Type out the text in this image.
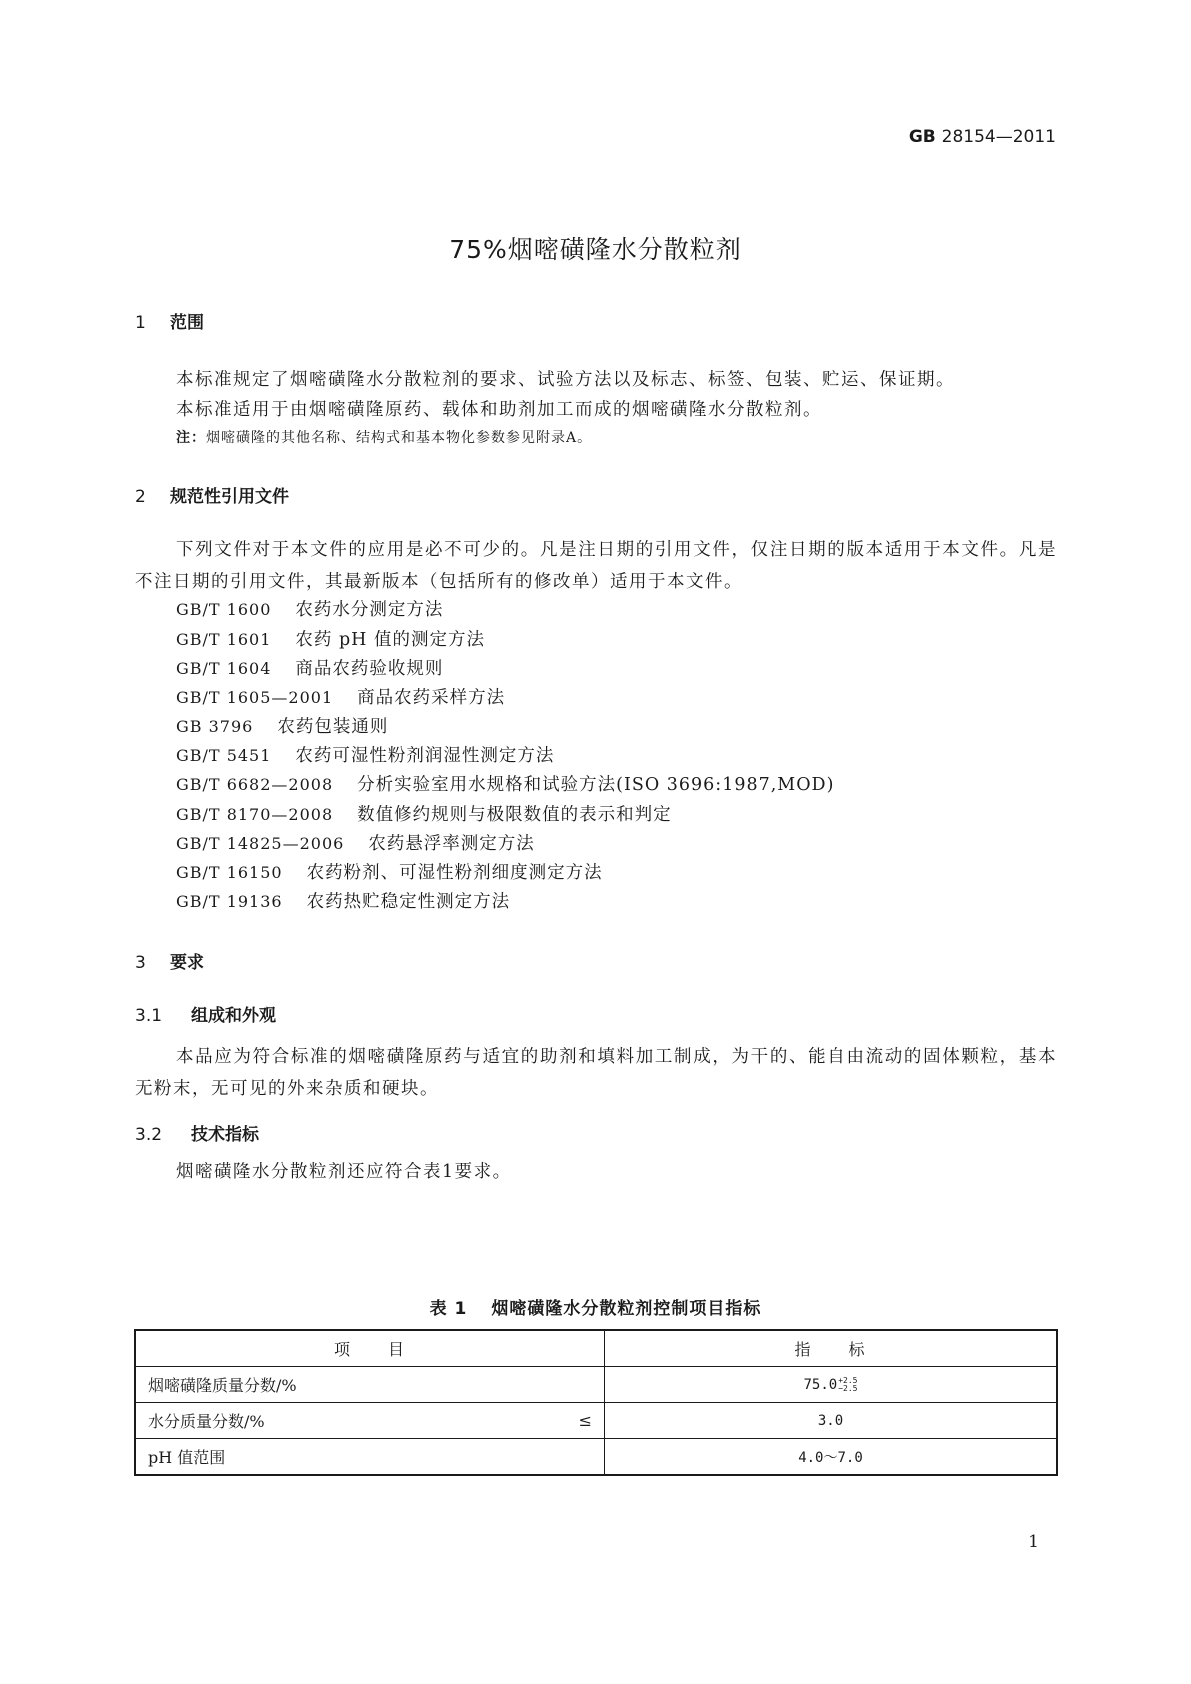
GB 28154—2011
75%烟嘧磺隆水分散粒剂
1 范围
本标准规定了烟嘧磺隆水分散粒剂的要求、试验方法以及标志、标签、包装、贮运、保证期。
本标准适用于由烟嘧磺隆原药、载体和助剂加工而成的烟嘧磺隆水分散粒剂。
注：烟嘧磺隆的其他名称、结构式和基本物化参数参见附录A。
2 规范性引用文件
下列文件对于本文件的应用是必不可少的。凡是注日期的引用文件，仅注日期的版本适用于本文件。凡是不注日期的引用文件，其最新版本（包括所有的修改单）适用于本文件。
GB/T 1600 农药水分测定方法
GB/T 1601 农药 pH 值的测定方法
GB/T 1604 商品农药验收规则
GB/T 1605—2001 商品农药采样方法
GB 3796 农药包装通则
GB/T 5451 农药可湿性粉剂润湿性测定方法
GB/T 6682—2008 分析实验室用水规格和试验方法(ISO 3696:1987,MOD)
GB/T 8170—2008 数值修约规则与极限数值的表示和判定
GB/T 14825—2006 农药悬浮率测定方法
GB/T 16150 农药粉剂、可湿性粉剂细度测定方法
GB/T 19136 农药热贮稳定性测定方法
3 要求
3.1 组成和外观
本品应为符合标准的烟嘧磺隆原药与适宜的助剂和填料加工制成，为干的、能自由流动的固体颗粒，基本无粉末，无可见的外来杂质和硬块。
3.2 技术指标
烟嘧磺隆水分散粒剂还应符合表1要求。
表 1 烟嘧磺隆水分散粒剂控制项目指标
项　　目	指　　标

烟嘧磺隆质量分数/%	75.0 +2.5
−2.5

水分质量分数/% ≤	3.0

pH 值范围	4.0～7.0
1
